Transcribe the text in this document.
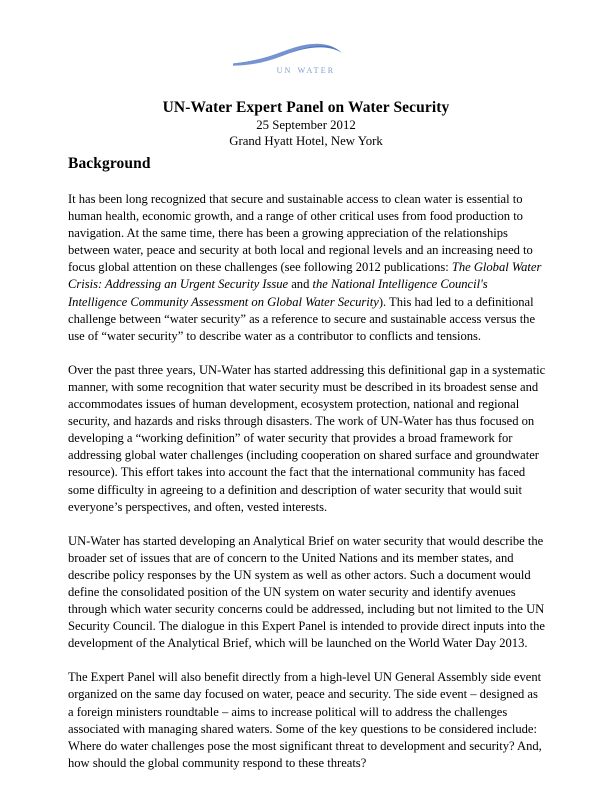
un water
UN-Water Expert Panel on Water Security
25 September 2012
Grand Hyatt Hotel, New York
Background

It has been long recognized that secure and sustainable access to clean water is essential to human health, economic growth, and a range of other critical uses from food production to navigation. At the same time, there has been a growing appreciation of the relationships between water, peace and security at both local and regional levels and an increasing need to focus global attention on these challenges (see following 2012 publications: The Global Water Crisis: Addressing an Urgent Security Issue and the National Intelligence Council's Intelligence Community Assessment on Global Water Security). This had led to a definitional challenge between “water security” as a reference to secure and sustainable access versus the use of “water security” to describe water as a contributor to conflicts and tensions.

Over the past three years, UN-Water has started addressing this definitional gap in a systematic manner, with some recognition that water security must be described in its broadest sense and accommodates issues of human development, ecosystem protection, national and regional security, and hazards and risks through disasters. The work of UN-Water has thus focused on developing a “working definition” of water security that provides a broad framework for addressing global water challenges (including cooperation on shared surface and groundwater resource). This effort takes into account the fact that the international community has faced some difficulty in agreeing to a definition and description of water security that would suit everyone’s perspectives, and often, vested interests.

UN-Water has started developing an Analytical Brief on water security that would describe the broader set of issues that are of concern to the United Nations and its member states, and describe policy responses by the UN system as well as other actors. Such a document would define the consolidated position of the UN system on water security and identify avenues through which water security concerns could be addressed, including but not limited to the UN Security Council. The dialogue in this Expert Panel is intended to provide direct inputs into the development of the Analytical Brief, which will be launched on the World Water Day 2013.

The Expert Panel will also benefit directly from a high-level UN General Assembly side event organized on the same day focused on water, peace and security. The side event – designed as a foreign ministers roundtable – aims to increase political will to address the challenges associated with managing shared waters. Some of the key questions to be considered include: Where do water challenges pose the most significant threat to development and security? And, how should the global community respond to these threats?
